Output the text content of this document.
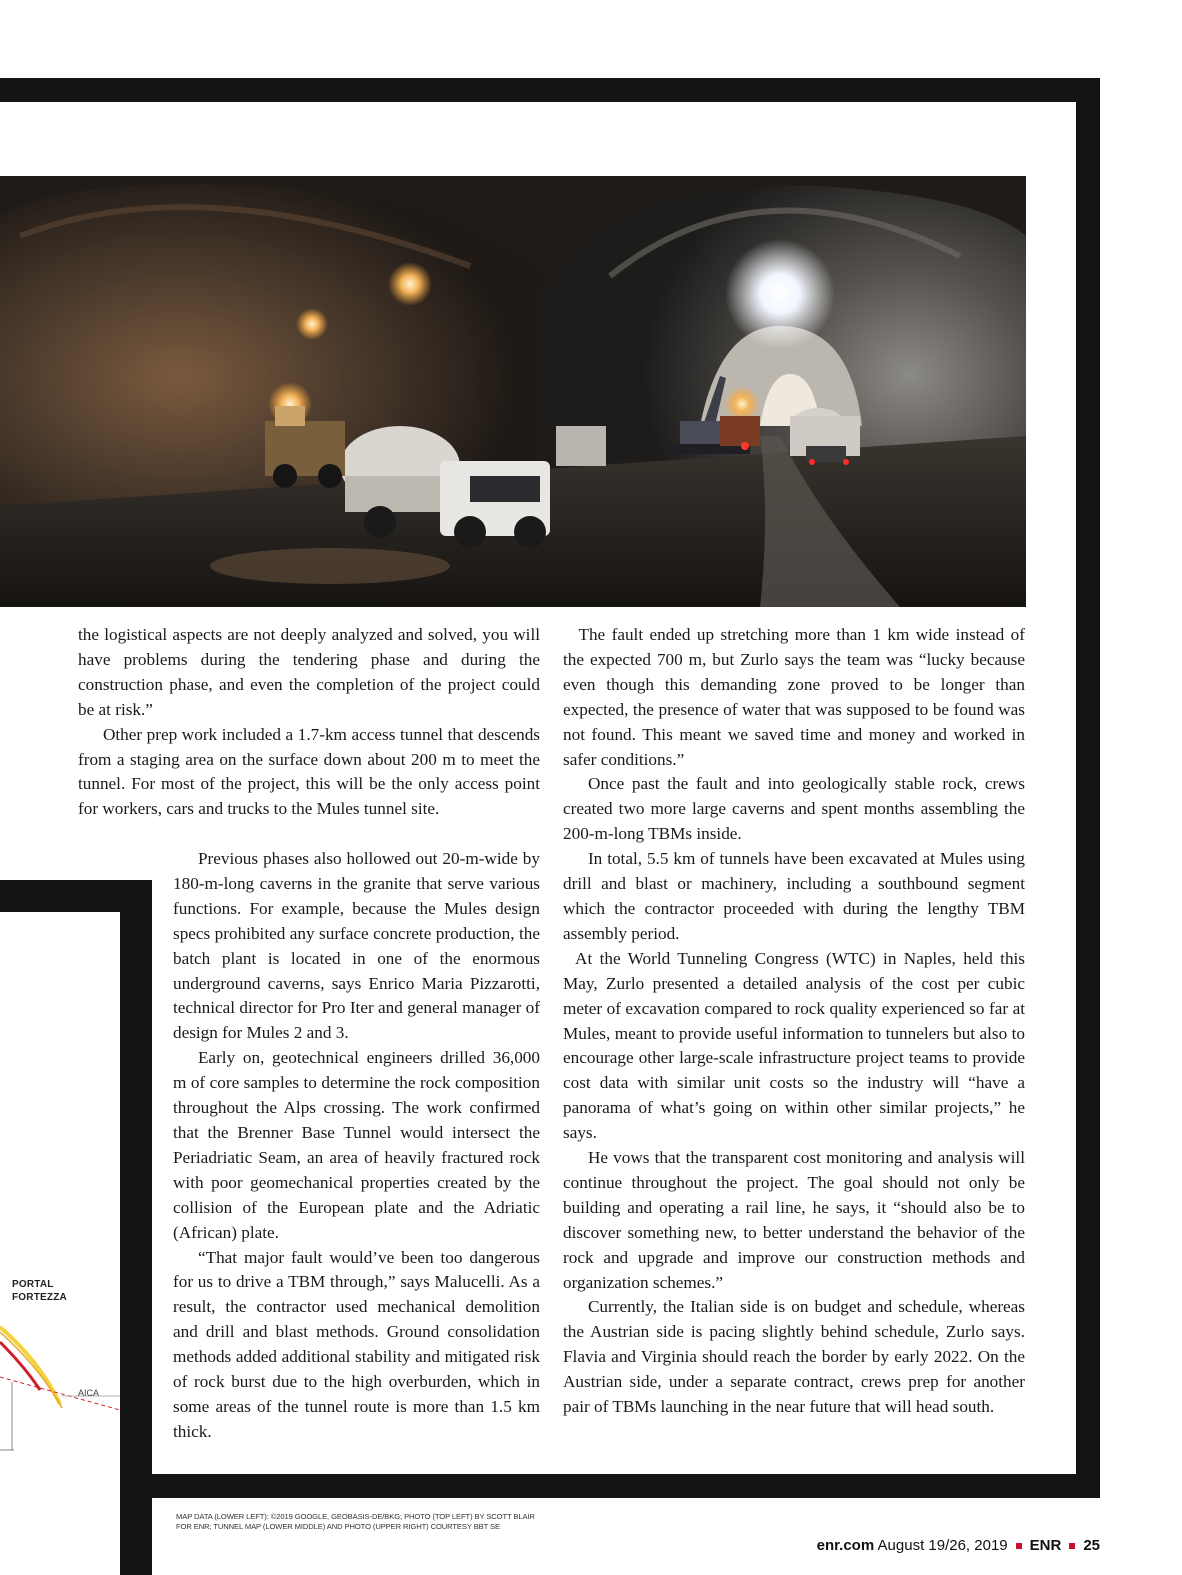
PORTAL
FORTEZZA
AICA

the logistical aspects are not deeply analyzed and solved, you will have problems during the tendering phase and during the construction phase, and even the completion of the project could be at risk.”

Other prep work included a 1.7-km access tunnel that descends from a staging area on the surface down about 200 m to meet the tunnel. For most of the project, this will be the only access point for workers, cars and trucks to the Mules tunnel site.

Previous phases also hollowed out 20-m-wide by 180-m-long caverns in the granite that serve various functions. For example, because the Mules design specs prohibited any surface concrete production, the batch plant is located in one of the enormous underground caverns, says Enrico Maria Pizzarotti, technical director for Pro Iter and general manager of design for Mules 2 and 3.

Early on, geotechnical engineers drilled 36,000 m of core samples to determine the rock composition throughout the Alps crossing. The work confirmed that the Brenner Base Tunnel would intersect the Periadriatic Seam, an area of heavily fractured rock with poor geomechanical properties created by the collision of the European plate and the Adriatic (African) plate.

“That major fault would’ve been too dangerous for us to drive a TBM through,” says Malucelli. As a result, the contractor used mechanical demolition and drill and blast methods. Ground consolidation methods added additional stability and mitigated risk of rock burst due to the high overburden, which in some areas of the tunnel route is more than 1.5 km thick.

The fault ended up stretching more than 1 km wide instead of the expected 700 m, but Zurlo says the team was “lucky because even though this demanding zone proved to be longer than expected, the presence of water that was supposed to be found was not found. This meant we saved time and money and worked in safer conditions.”

Once past the fault and into geologically stable rock, crews created two more large caverns and spent months assembling the 200-m-long TBMs inside.

In total, 5.5 km of tunnels have been excavated at Mules using drill and blast or machinery, including a southbound segment which the contractor proceeded with during the lengthy TBM assembly period.

At the World Tunneling Congress (WTC) in Naples, held this May, Zurlo presented a detailed analysis of the cost per cubic meter of excavation compared to rock quality experienced so far at Mules, meant to provide useful information to tunnelers but also to encourage other large-scale infrastructure project teams to provide cost data with similar unit costs so the industry will “have a panorama of what’s going on within other similar projects,” he says.

He vows that the transparent cost monitoring and analysis will continue throughout the project. The goal should not only be building and operating a rail line, he says, it “should also be to discover something new, to better understand the behavior of the rock and upgrade and improve our construction methods and organization schemes.”

Currently, the Italian side is on budget and schedule, whereas the Austrian side is pacing slightly behind schedule, Zurlo says. Flavia and Virginia should reach the border by early 2022. On the Austrian side, under a separate contract, crews prep for another pair of TBMs launching in the near future that will head south.

MAP DATA (LOWER LEFT): ©2019 GOOGLE, GEOBASIS-DE/BKG; PHOTO (TOP LEFT) BY SCOTT BLAIR
FOR ENR; TUNNEL MAP (LOWER MIDDLE) AND PHOTO (UPPER RIGHT) COURTESY BBT SE
enr.com August 19/26, 2019 ENR 25
